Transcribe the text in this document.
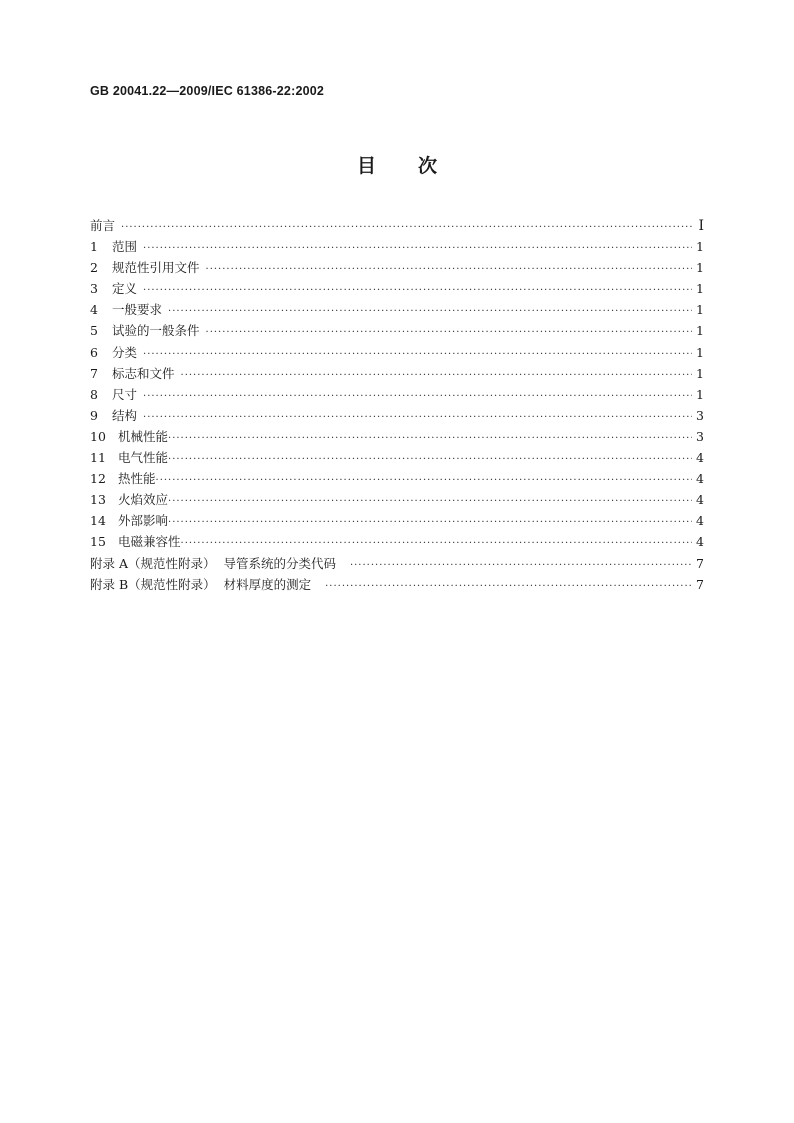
GB 20041.22—2009/IEC 61386-22:2002
目 次
前言 ·····	I
1	范围 ·····	1
2	规范性引用文件 ·····	1
3	定义 ·····	1
4	一般要求 ·····	1
5	试验的一般条件 ·····	1
6	分类 ·····	1
7	标志和文件 ·····	1
8	尺寸 ·····	1
9	结构 ·····	3
10 机械性能 ·····	3
11 电气性能 ·····	4
12 热性能 ·····	4
13 火焰效应 ·····	4
14 外部影响 ·····	4
15 电磁兼容性 ·····	4
附录 A（规范性附录）  导管系统的分类代码 ·····	7
附录 B（规范性附录）  材料厚度的测定 ·····	7
